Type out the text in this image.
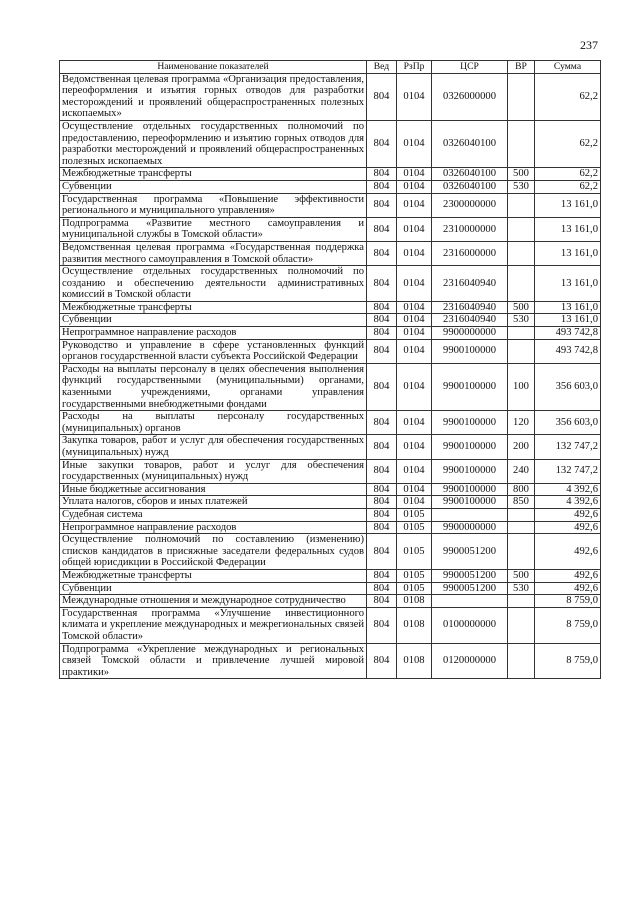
237
Наименование показателей	Вед	РзПр	ЦСР	ВР	Сумма
Ведомственная целевая программа «Организация предоставления, переоформления и изъятия горных отводов для разработки месторождений и проявлений общераспространенных полезных ископаемых»	804	0104	0326000000		62,2
Осуществление отдельных государственных полномочий по предоставлению, переоформлению и изъятию горных отводов для разработки месторождений и проявлений общераспространенных полезных ископаемых	804	0104	0326040100		62,2
Межбюджетные трансферты	804	0104	0326040100	500	62,2
Субвенции	804	0104	0326040100	530	62,2
Государственная программа «Повышение эффективности регионального и муниципального управления»	804	0104	2300000000		13 161,0
Подпрограмма «Развитие местного самоуправления и муниципальной службы в Томской области»	804	0104	2310000000		13 161,0
Ведомственная целевая программа «Государственная поддержка развития местного самоуправления в Томской области»	804	0104	2316000000		13 161,0
Осуществление отдельных государственных полномочий по созданию и обеспечению деятельности административных комиссий в Томской области	804	0104	2316040940		13 161,0
Межбюджетные трансферты	804	0104	2316040940	500	13 161,0
Субвенции	804	0104	2316040940	530	13 161,0
Непрограммное направление расходов	804	0104	9900000000		493 742,8
Руководство и управление в сфере установленных функций органов государственной власти субъекта Российской Федерации	804	0104	9900100000		493 742,8
Расходы на выплаты персоналу в целях обеспечения выполнения функций государственными (муниципальными) органами, казенными учреждениями, органами управления государственными внебюджетными фондами	804	0104	9900100000	100	356 603,0
Расходы на выплаты персоналу государственных (муниципальных) органов	804	0104	9900100000	120	356 603,0
Закупка товаров, работ и услуг для обеспечения государственных (муниципальных) нужд	804	0104	9900100000	200	132 747,2
Иные закупки товаров, работ и услуг для обеспечения государственных (муниципальных) нужд	804	0104	9900100000	240	132 747,2
Иные бюджетные ассигнования	804	0104	9900100000	800	4 392,6
Уплата налогов, сборов и иных платежей	804	0104	9900100000	850	4 392,6
Судебная система	804	0105			492,6
Непрограммное направление расходов	804	0105	9900000000		492,6
Осуществление полномочий по составлению (изменению) списков кандидатов в присяжные заседатели федеральных судов общей юрисдикции в Российской Федерации	804	0105	9900051200		492,6
Межбюджетные трансферты	804	0105	9900051200	500	492,6
Субвенции	804	0105	9900051200	530	492,6
Международные отношения и международное сотрудничество	804	0108			8 759,0
Государственная программа «Улучшение инвестиционного климата и укрепление международных и межрегиональных связей Томской области»	804	0108	0100000000		8 759,0
Подпрограмма «Укрепление международных и региональных связей Томской области и привлечение лучшей мировой практики»	804	0108	0120000000		8 759,0
